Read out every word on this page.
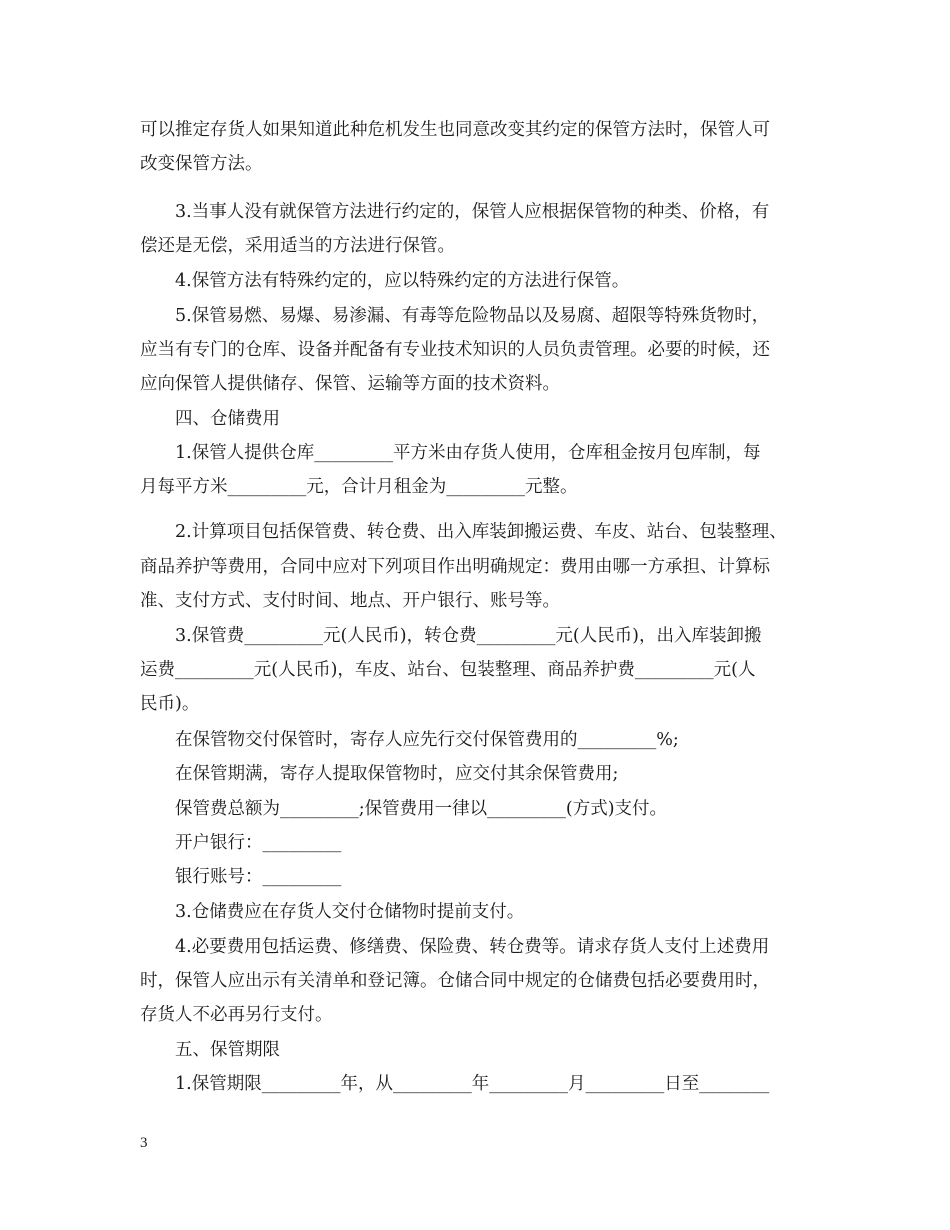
可以推定存货人如果知道此种危机发生也同意改变其约定的保管方法时，保管人可
改变保管方法。
3.当事人没有就保管方法进行约定的，保管人应根据保管物的种类、价格，有
偿还是无偿，采用适当的方法进行保管。
4.保管方法有特殊约定的，应以特殊约定的方法进行保管。
5.保管易燃、易爆、易渗漏、有毒等危险物品以及易腐、超限等特殊货物时，
应当有专门的仓库、设备并配备有专业技术知识的人员负责管理。必要的时候，还
应向保管人提供储存、保管、运输等方面的技术资料。
四、仓储费用
1.保管人提供仓库_________平方米由存货人使用，仓库租金按月包库制，每
月每平方米_________元，合计月租金为_________元整。
2.计算项目包括保管费、转仓费、出入库装卸搬运费、车皮、站台、包装整理、
商品养护等费用，合同中应对下列项目作出明确规定：费用由哪一方承担、计算标
准、支付方式、支付时间、地点、开户银行、账号等。
3.保管费_________元(人民币)，转仓费_________元(人民币)，出入库装卸搬
运费_________元(人民币)，车皮、站台、包装整理、商品养护费_________元(人
民币)。
在保管物交付保管时，寄存人应先行交付保管费用的_________%;
在保管期满，寄存人提取保管物时，应交付其余保管费用;
保管费总额为_________;保管费用一律以_________(方式)支付。
开户银行：_________
银行账号：_________
3.仓储费应在存货人交付仓储物时提前支付。
4.必要费用包括运费、修缮费、保险费、转仓费等。请求存货人支付上述费用
时，保管人应出示有关清单和登记簿。仓储合同中规定的仓储费包括必要费用时，
存货人不必再另行支付。
五、保管期限
1.保管期限_________年，从_________年_________月_________日至________
3
